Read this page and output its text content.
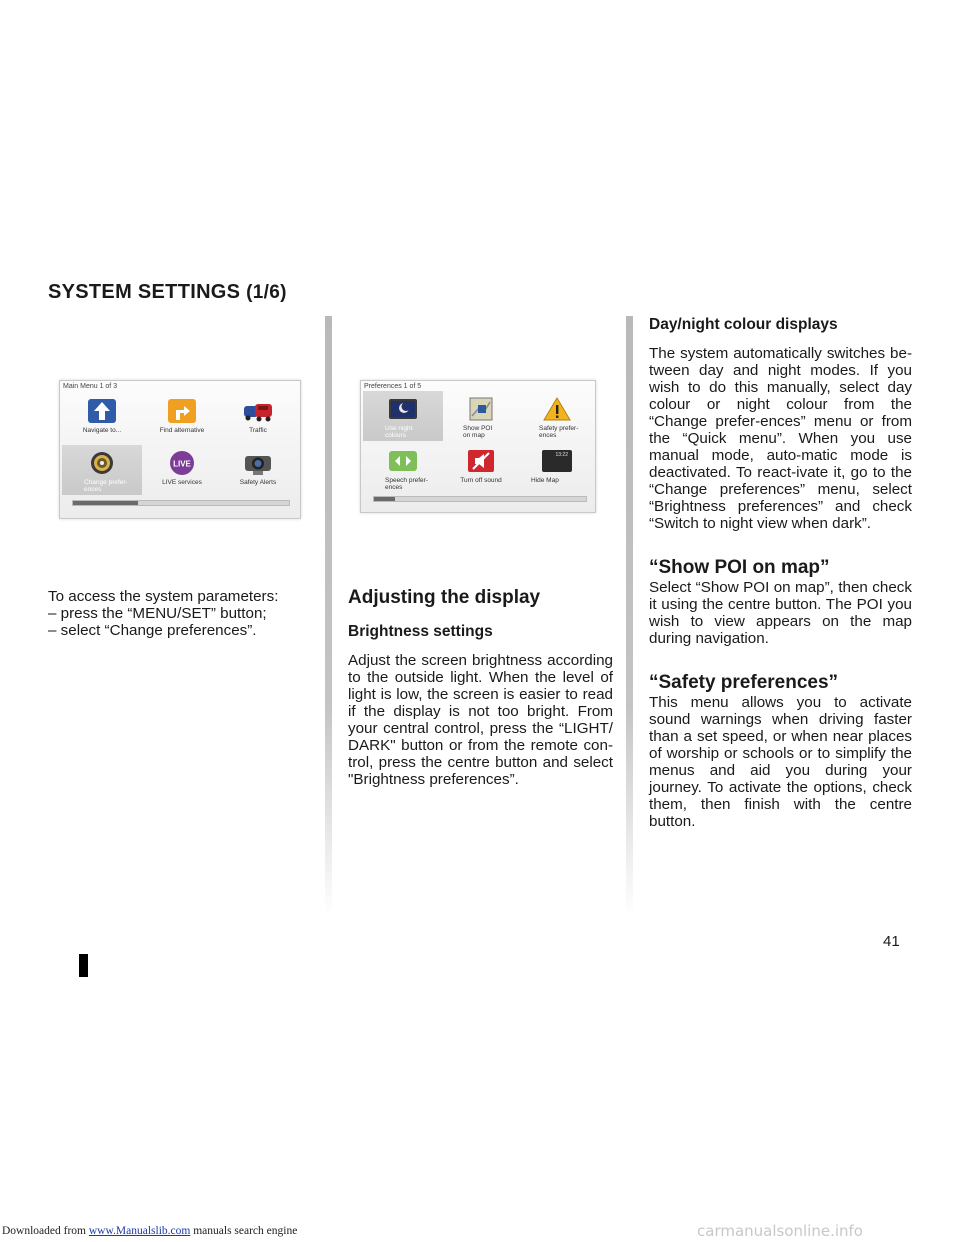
SYSTEM SETTINGS (1/6)
Main Menu 1 of 3
Navigate to...	Find alternative	Traffic
Change prefer-
ences
LIVE
LIVE services	Safety Alerts
Preferences 1 of 5
Use night
colours
Show POI
on map
Safety prefer-
ences
Speech prefer-
ences
Turn off sound
13:22
Hide Map
To access the system parameters:
– press the “MENU/SET” button;
– select “Change preferences”.
Adjusting the display
Brightness settings

Adjust the screen brightness according to the outside light. When the level of light is low, the screen is easier to read if the display is not too bright. From your central control, press the “LIGHT/ DARK" button or from the remote con-trol, press the centre button and select "Brightness preferences”.

Day/night colour displays

The system automatically switches be-tween day and night modes. If you wish to do this manually, select day colour or night colour from the “Change prefer-ences” menu or from the “Quick menu”. When you use manual mode, auto-matic mode is deactivated. To react-ivate it, go to the “Change preferences” menu, select “Brightness preferences” and check “Switch to night view when dark”.

“Show POI on map”

Select “Show POI on map”, then check it using the centre button. The POI you wish to view appears on the map during navigation.

“Safety preferences”

This menu allows you to activate sound warnings when driving faster than a set speed, or when near places of worship or schools or to simplify the menus and aid you during your journey. To activate the options, check them, then finish with the centre button.

41
Downloaded from www.Manualslib.com manuals search engine	carmanualsonline.info
